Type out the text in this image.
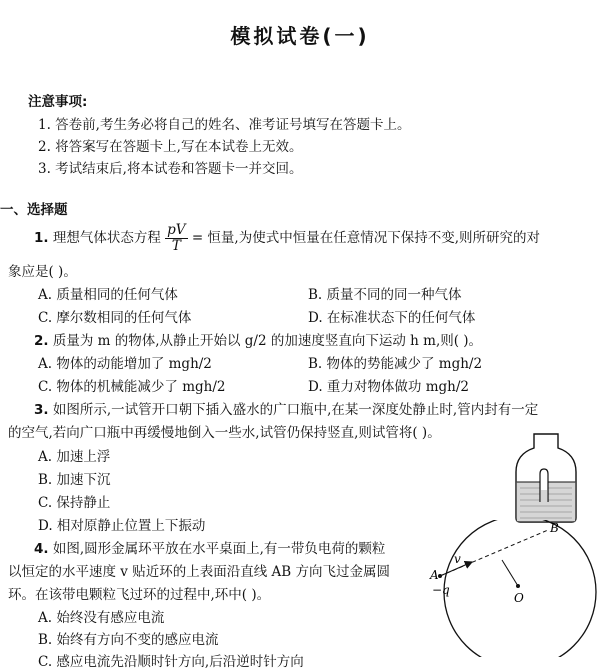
模拟试卷(一)
注意事项:
1. 答卷前,考生务必将自己的姓名、准考证号填写在答题卡上。
2. 将答案写在答题卡上,写在本试卷上无效。
3. 考试结束后,将本试卷和答题卡一并交回。
一、选择题
1. 理想气体状态方程 $\frac{pV}{T}$ = 恒量,为使式中恒量在任意情况下保持不变,则所研究的对
象应是( )。
A. 质量相同的任何气体	B. 质量不同的同一种气体
C. 摩尔数相同的任何气体	D. 在标准状态下的任何气体
2. 质量为 m 的物体,从静止开始以 g/2 的加速度竖直向下运动 h m,则( )。
A. 物体的动能增加了 mgh/2	B. 物体的势能减少了 mgh/2
C. 物体的机械能减少了 mgh/2	D. 重力对物体做功 mgh/2
3. 如图所示,一试管开口朝下插入盛水的广口瓶中,在某一深度处静止时,管内封有一定
的空气,若向广口瓶中再缓慢地倒入一些水,试管仍保持竖直,则试管将( )。
A. 加速上浮
B. 加速下沉
C. 保持静止
D. 相对原静止位置上下振动
4. 如图,圆形金属环平放在水平桌面上,有一带负电荷的颗粒
以恒定的水平速度 v 贴近环的上表面沿直线 AB 方向飞过金属圆
环。在该带电颗粒飞过环的过程中,环中( )。
A. 始终没有感应电流
B. 始终有方向不变的感应电流
C. 感应电流先沿顺时针方向,后沿逆时针方向
A
B
v
−q
O
